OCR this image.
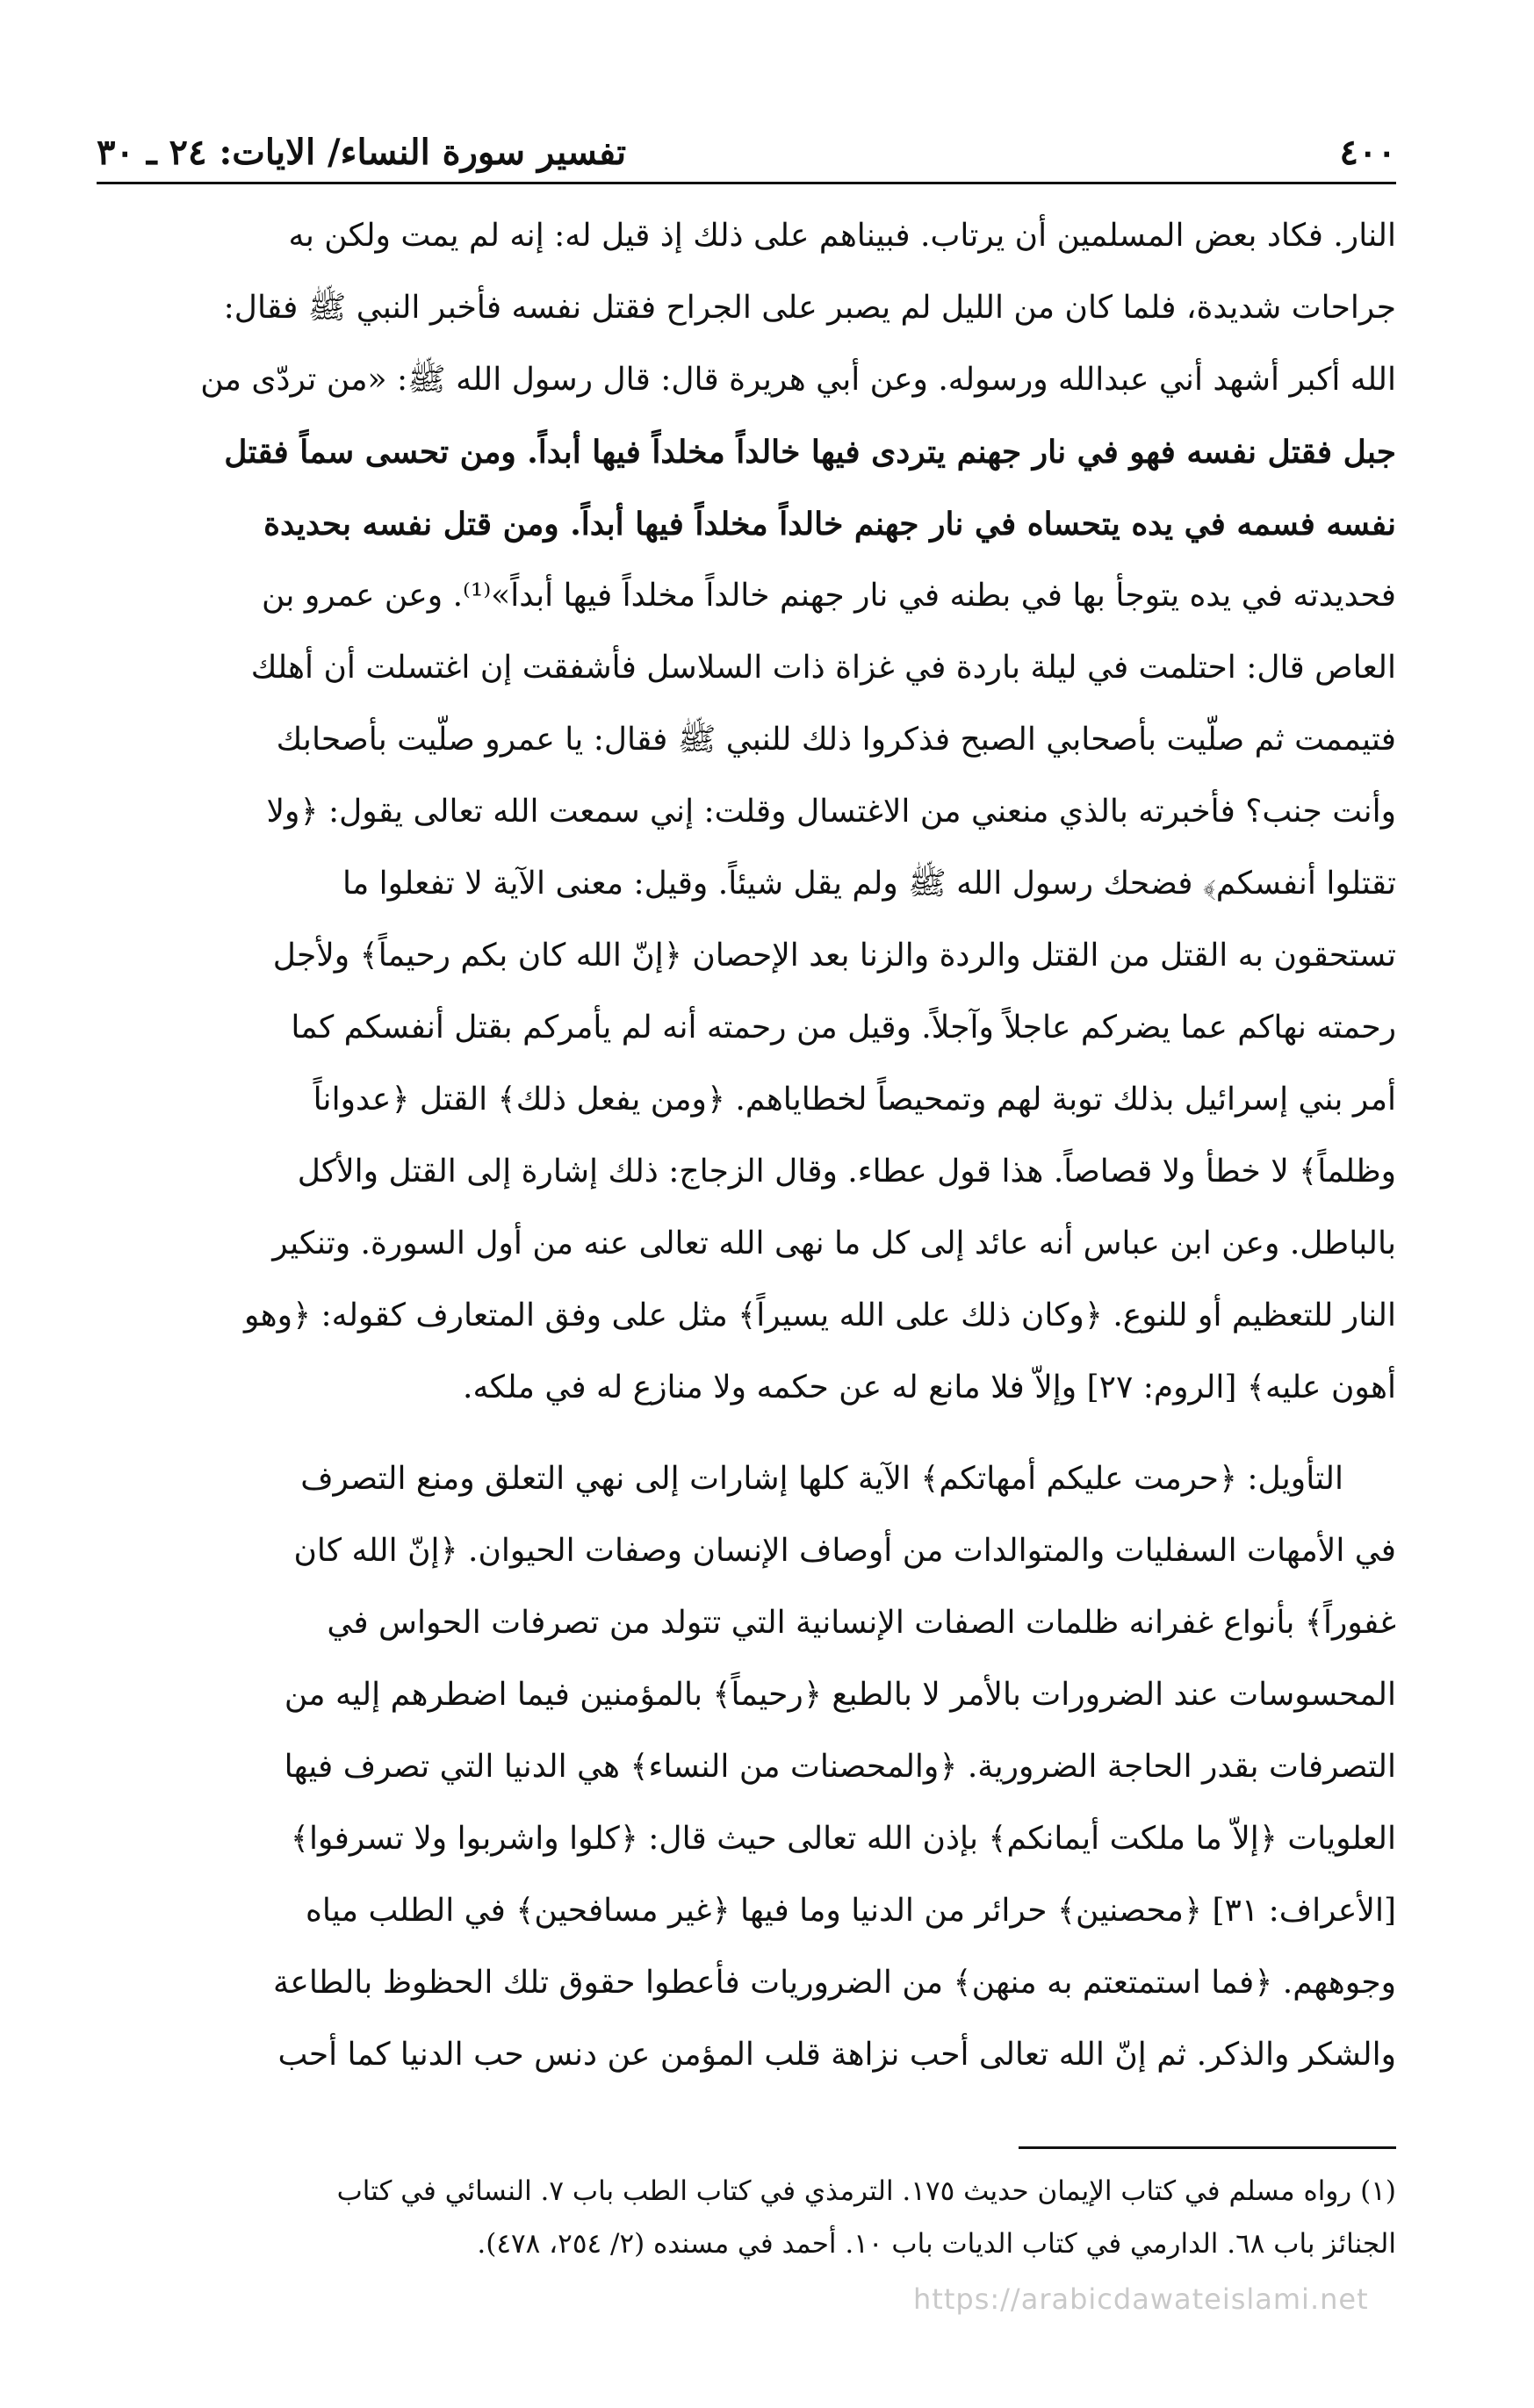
٤٠٠
تفسير سورة النساء/ الايات: ٢٤ ـ ٣٠
النار. فكاد بعض المسلمين أن يرتاب. فبيناهم على ذلك إذ قيل له: إنه لم يمت ولكن به
جراحات شديدة، فلما كان من الليل لم يصبر على الجراح فقتل نفسه فأخبر النبي ﷺ فقال:
الله أكبر أشهد أني عبدالله ورسوله. وعن أبي هريرة قال: قال رسول الله ﷺ: «من تردّى من
جبل فقتل نفسه فهو في نار جهنم يتردى فيها خالداً مخلداً فيها أبداً. ومن تحسى سماً فقتل
نفسه فسمه في يده يتحساه في نار جهنم خالداً مخلداً فيها أبداً. ومن قتل نفسه بحديدة
فحديدته في يده يتوجأ بها في بطنه في نار جهنم خالداً مخلداً فيها أبداً»⁽¹⁾. وعن عمرو بن
العاص قال: احتلمت في ليلة باردة في غزاة ذات السلاسل فأشفقت إن اغتسلت أن أهلك
فتيممت ثم صلّيت بأصحابي الصبح فذكروا ذلك للنبي ﷺ فقال: يا عمرو صلّيت بأصحابك
وأنت جنب؟ فأخبرته بالذي منعني من الاغتسال وقلت: إني سمعت الله تعالى يقول: ﴿ولا
تقتلوا أنفسكم﴾ فضحك رسول الله ﷺ ولم يقل شيئاً. وقيل: معنى الآية لا تفعلوا ما
تستحقون به القتل من القتل والردة والزنا بعد الإحصان ﴿إنّ الله كان بكم رحيماً﴾ ولأجل
رحمته نهاكم عما يضركم عاجلاً وآجلاً. وقيل من رحمته أنه لم يأمركم بقتل أنفسكم كما
أمر بني إسرائيل بذلك توبة لهم وتمحيصاً لخطاياهم. ﴿ومن يفعل ذلك﴾ القتل ﴿عدواناً
وظلماً﴾ لا خطأ ولا قصاصاً. هذا قول عطاء. وقال الزجاج: ذلك إشارة إلى القتل والأكل
بالباطل. وعن ابن عباس أنه عائد إلى كل ما نهى الله تعالى عنه من أول السورة. وتنكير
النار للتعظيم أو للنوع. ﴿وكان ذلك على الله يسيراً﴾ مثل على وفق المتعارف كقوله: ﴿وهو
أهون عليه﴾ [الروم: ٢٧] وإلاّ فلا مانع له عن حكمه ولا منازع له في ملكه.
التأويل: ﴿حرمت عليكم أمهاتكم﴾ الآية كلها إشارات إلى نهي التعلق ومنع التصرف
في الأمهات السفليات والمتوالدات من أوصاف الإنسان وصفات الحيوان. ﴿إنّ الله كان
غفوراً﴾ بأنواع غفرانه ظلمات الصفات الإنسانية التي تتولد من تصرفات الحواس في
المحسوسات عند الضرورات بالأمر لا بالطبع ﴿رحيماً﴾ بالمؤمنين فيما اضطرهم إليه من
التصرفات بقدر الحاجة الضرورية. ﴿والمحصنات من النساء﴾ هي الدنيا التي تصرف فيها
العلويات ﴿إلاّ ما ملكت أيمانكم﴾ بإذن الله تعالى حيث قال: ﴿كلوا واشربوا ولا تسرفوا﴾
[الأعراف: ٣١] ﴿محصنين﴾ حرائر من الدنيا وما فيها ﴿غير مسافحين﴾ في الطلب مياه
وجوههم. ﴿فما استمتعتم به منهن﴾ من الضروريات فأعطوا حقوق تلك الحظوظ بالطاعة
والشكر والذكر. ثم إنّ الله تعالى أحب نزاهة قلب المؤمن عن دنس حب الدنيا كما أحب
(١) رواه مسلم في كتاب الإيمان حديث ١٧٥. الترمذي في كتاب الطب باب ٧. النسائي في كتاب
الجنائز باب ٦٨. الدارمي في كتاب الديات باب ١٠. أحمد في مسنده (٢/ ٢٥٤، ٤٧٨).
https://arabicdawateislami.net
